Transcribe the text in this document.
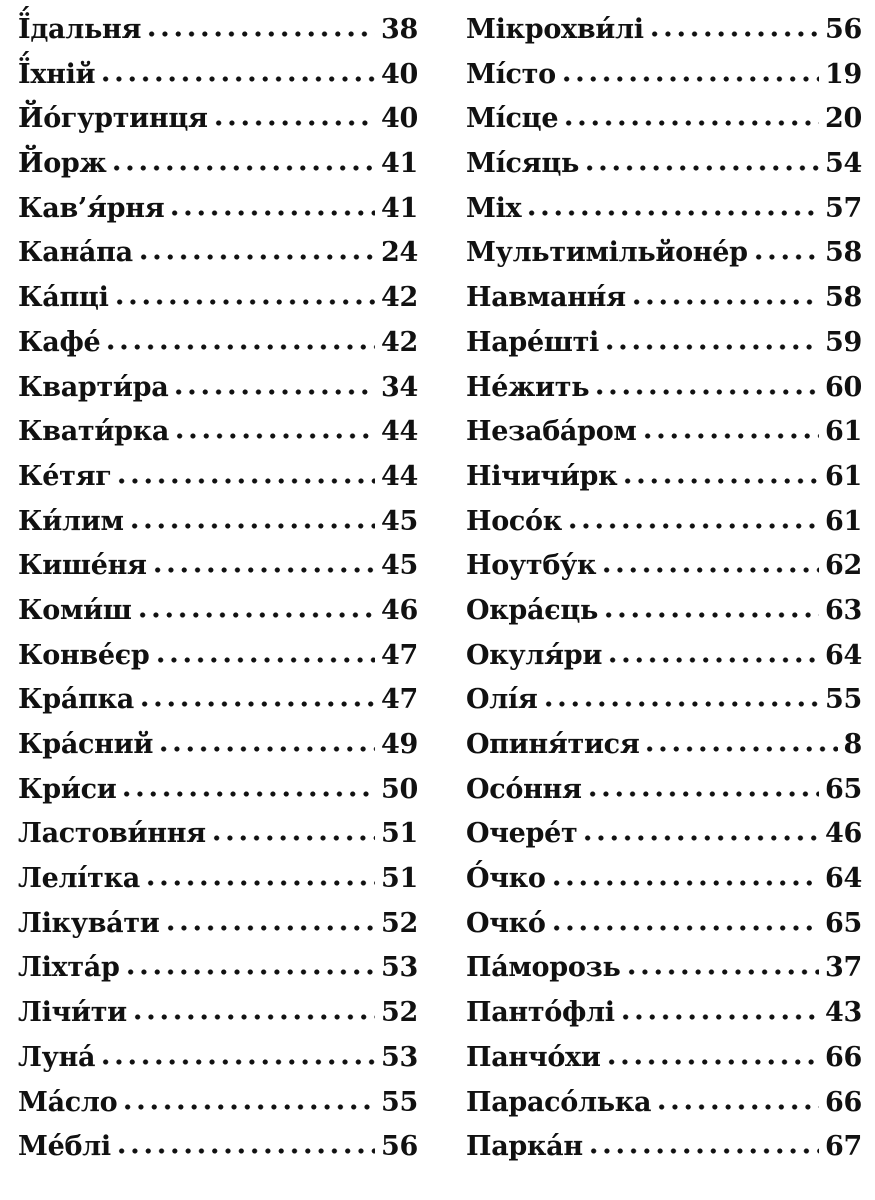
Ї́дальня	38
Ї́хній	40
Йо́гуртинця	40
Йорж	41
Кав’я́рня	41
Кана́па	24
Ка́пці	42
Кафе́	42
Кварти́ра	34
Квати́рка	44
Ке́тяг	44
Ки́лим	45
Кише́ня	45
Коми́ш	46
Конве́єр	47
Кра́пка	47
Кра́сний	49
Кри́си	50
Ластови́ння	51
Лелі́тка	51
Лікува́ти	52
Ліхта́р	53
Лічи́ти	52
Луна́	53
Ма́сло	55
Ме́блі	56
Мікрохви́лі	56
Мі́сто	19
Мі́сце	20
Мі́сяць	54
Міх	57
Мультимільйоне́р	58
Навманн́я	58
Наре́шті	59
Не́жить	60
Незаба́ром	61
Нічичи́рк	61
Носо́к	61
Ноутбу́к	62
Окра́єць	63
Окуля́ри	64
Олі́я	55
Опиня́тися	8
Осо́ння	65
Очере́т	46
О́чко	64
Очко́	65
Па́морозь	37
Панто́флі	43
Панчо́хи	66
Парасо́лька	66
Парка́н	67
